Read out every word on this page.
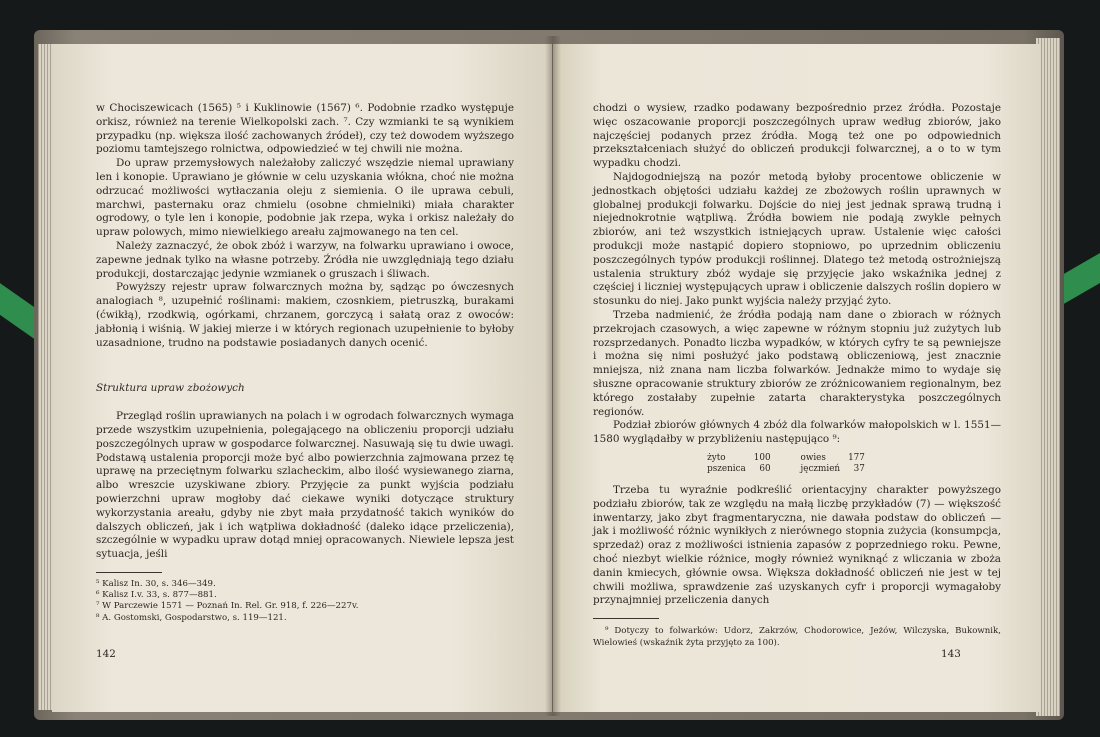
w Chociszewicach (1565) ⁵ i Kuklinowie (1567) ⁶. Podobnie rzadko występuje orkisz, również na terenie Wielkopolski zach. ⁷. Czy wzmianki te są wynikiem przypadku (np. większa ilość zachowanych źródeł), czy też dowodem wyższego poziomu tamtejszego rolnictwa, odpowiedzieć w tej chwili nie można.

Do upraw przemysłowych należałoby zaliczyć wszędzie niemal uprawiany len i konopie. Uprawiano je głównie w celu uzyskania włókna, choć nie można odrzucać możliwości wytłaczania oleju z siemienia. O ile uprawa cebuli, marchwi, pasternaku oraz chmielu (osobne chmielniki) miała charakter ogrodowy, o tyle len i konopie, podobnie jak rzepa, wyka i orkisz należały do upraw polowych, mimo niewielkiego areału zajmowanego na ten cel.

Należy zaznaczyć, że obok zbóż i warzyw, na folwarku uprawiano i owoce, zapewne jednak tylko na własne potrzeby. Źródła nie uwzględniają tego działu produkcji, dostarczając jedynie wzmianek o gruszach i śliwach.

Powyższy rejestr upraw folwarcznych można by, sądząc po ówczesnych analogiach ⁸, uzupełnić roślinami: makiem, czosnkiem, pietruszką, burakami (ćwikłą), rzodkwią, ogórkami, chrzanem, gorczycą i sałatą oraz z owoców: jabłonią i wiśnią. W jakiej mierze i w których regionach uzupełnienie to byłoby uzasadnione, trudno na podstawie posiadanych danych ocenić.

Struktura upraw zbożowych

Przegląd roślin uprawianych na polach i w ogrodach folwarcznych wymaga przede wszystkim uzupełnienia, polegającego na obliczeniu proporcji udziału poszczególnych upraw w gospodarce folwarcznej. Nasuwają się tu dwie uwagi. Podstawą ustalenia proporcji może być albo powierzchnia zajmowana przez tę uprawę na przeciętnym folwarku szlacheckim, albo ilość wysiewanego ziarna, albo wreszcie uzyskiwane zbiory. Przyjęcie za punkt wyjścia podziału powierzchni upraw mogłoby dać ciekawe wyniki dotyczące struktury wykorzystania areału, gdyby nie zbyt mała przydatność takich wyników do dalszych obliczeń, jak i ich wątpliwa dokładność (daleko idące przeliczenia), szczególnie w wypadku upraw dotąd mniej opracowanych. Niewiele lepsza jest sytuacja, jeśli

⁵ Kalisz In. 30, s. 346—349.
⁶ Kalisz I.v. 33, s. 877—881.
⁷ W Parczewie 1571 — Poznań In. Rel. Gr. 918, f. 226—227v.
⁸ A. Gostomski, Gospodarstwo, s. 119—121.
142

chodzi o wysiew, rzadko podawany bezpośrednio przez źródła. Pozostaje więc oszacowanie proporcji poszczególnych upraw według zbiorów, jako najczęściej podanych przez źródła. Mogą też one po odpowiednich przekształceniach służyć do obliczeń produkcji folwarcznej, a o to w tym wypadku chodzi.

Najdogodniejszą na pozór metodą byłoby procentowe obliczenie w jednostkach objętości udziału każdej ze zbożowych roślin uprawnych w globalnej produkcji folwarku. Dojście do niej jest jednak sprawą trudną i niejednokrotnie wątpliwą. Źródła bowiem nie podają zwykle pełnych zbiorów, ani też wszystkich istniejących upraw. Ustalenie więc całości produkcji może nastąpić dopiero stopniowo, po uprzednim obliczeniu poszczególnych typów produkcji roślinnej. Dlatego też metodą ostrożniejszą ustalenia struktury zbóż wydaje się przyjęcie jako wskaźnika jednej z częściej i liczniej występujących upraw i obliczenie dalszych roślin dopiero w stosunku do niej. Jako punkt wyjścia należy przyjąć żyto.

Trzeba nadmienić, że źródła podają nam dane o zbiorach w różnych przekrojach czasowych, a więc zapewne w różnym stopniu już zużytych lub rozsprzedanych. Ponadto liczba wypadków, w których cyfry te są pewniejsze i można się nimi posłużyć jako podstawą obliczeniową, jest znacznie mniejsza, niż znana nam liczba folwarków. Jednakże mimo to wydaje się słuszne opracowanie struktury zbiorów ze zróżnicowaniem regionalnym, bez którego zostałaby zupełnie zatarta charakterystyka poszczególnych regionów.

Podział zbiorów głównych 4 zbóż dla folwarków małopolskich w l. 1551—1580 wyglądałby w przybliżeniu następująco ⁹:

żyto	100	owies	177
pszenica	60	jęczmień	37

Trzeba tu wyraźnie podkreślić orientacyjny charakter powyższego podziału zbiorów, tak ze względu na małą liczbę przykładów (7) — większość inwentarzy, jako zbyt fragmentaryczna, nie dawała podstaw do obliczeń — jak i możliwość różnic wynikłych z nierównego stopnia zużycia (konsumpcja, sprzedaż) oraz z możliwości istnienia zapasów z poprzedniego roku. Pewne, choć niezbyt wielkie różnice, mogły również wyniknąć z wliczania w zboża danin kmiecych, głównie owsa. Większa dokładność obliczeń nie jest w tej chwili możliwa, sprawdzenie zaś uzyskanych cyfr i proporcji wymagałoby przynajmniej przeliczenia danych

⁹ Dotyczy to folwarków: Udorz, Zakrzów, Chodorowice, Jeżów, Wilczyska, Bukownik, Wielowieś (wskaźnik żyta przyjęto za 100).
143
